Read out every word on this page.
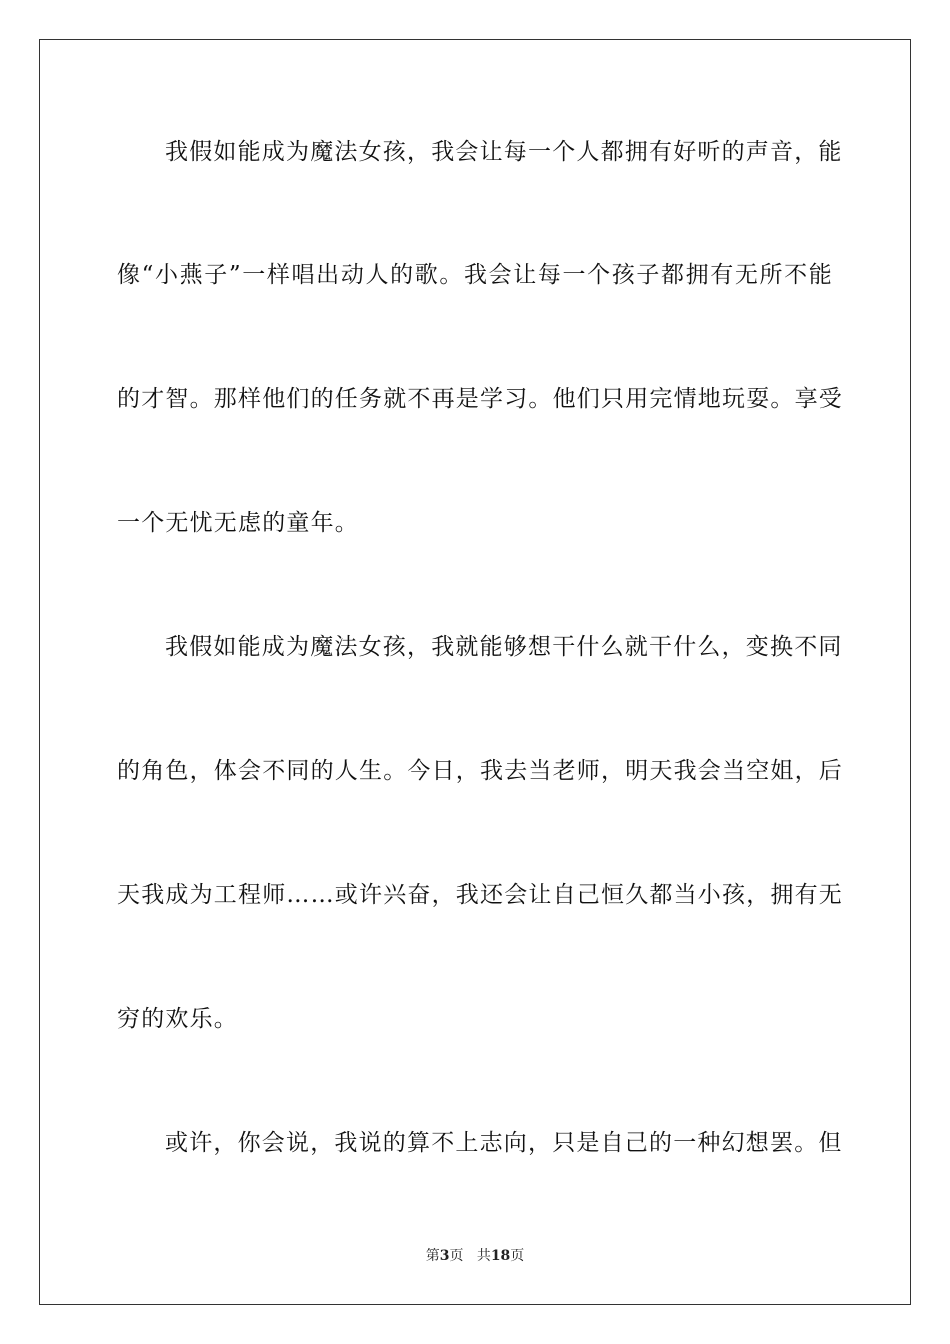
我假如能成为魔法女孩，我会让每一个人都拥有好听的声音，能
像“小燕子”一样唱出动人的歌。我会让每一个孩子都拥有无所不能
的才智。那样他们的任务就不再是学习。他们只用完情地玩耍。享受
一个无忧无虑的童年。
我假如能成为魔法女孩，我就能够想干什么就干什么，变换不同
的角色，体会不同的人生。今日，我去当老师，明天我会当空姐，后
天我成为工程师……或许兴奋，我还会让自己恒久都当小孩，拥有无
穷的欢乐。
或许，你会说，我说的算不上志向，只是自己的一种幻想罢。但
第3页 共18页
